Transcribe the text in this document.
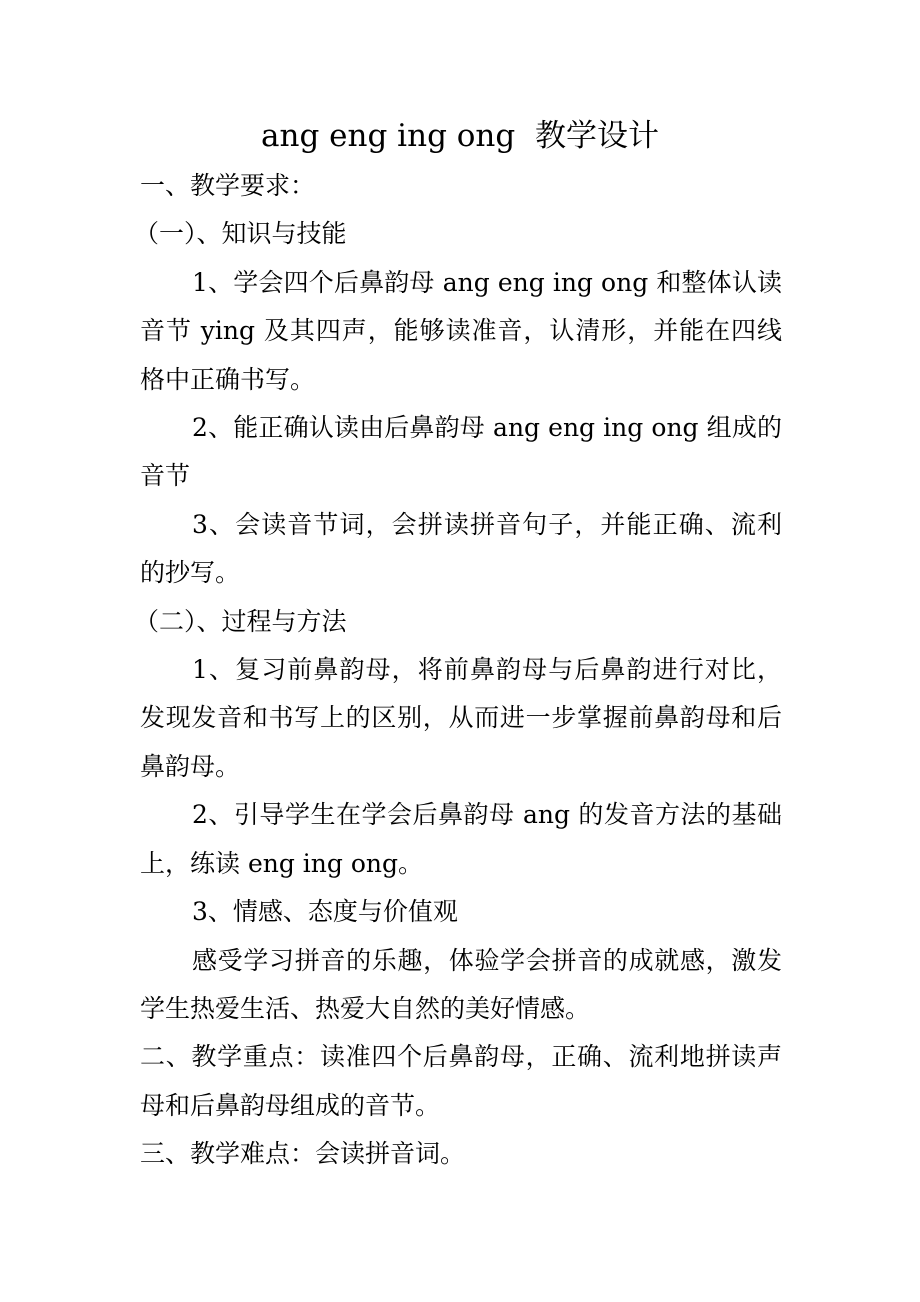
ang eng ing ong  教学设计

一、教学要求：

（一）、知识与技能

1、学会四个后鼻韵母 ang eng ing ong 和整体认读音节 ying 及其四声，能够读准音，认清形，并能在四线格中正确书写。

2、能正确认读由后鼻韵母 ang eng ing ong 组成的音节

3、会读音节词，会拼读拼音句子，并能正确、流利的抄写。

（二）、过程与方法

1、复习前鼻韵母，将前鼻韵母与后鼻韵进行对比，发现发音和书写上的区别，从而进一步掌握前鼻韵母和后鼻韵母。

2、引导学生在学会后鼻韵母 ang 的发音方法的基础上，练读 eng ing ong。

3、情感、态度与价值观

感受学习拼音的乐趣，体验学会拼音的成就感，激发学生热爱生活、热爱大自然的美好情感。

二、教学重点：读准四个后鼻韵母，正确、流利地拼读声母和后鼻韵母组成的音节。

三、教学难点：会读拼音词。
